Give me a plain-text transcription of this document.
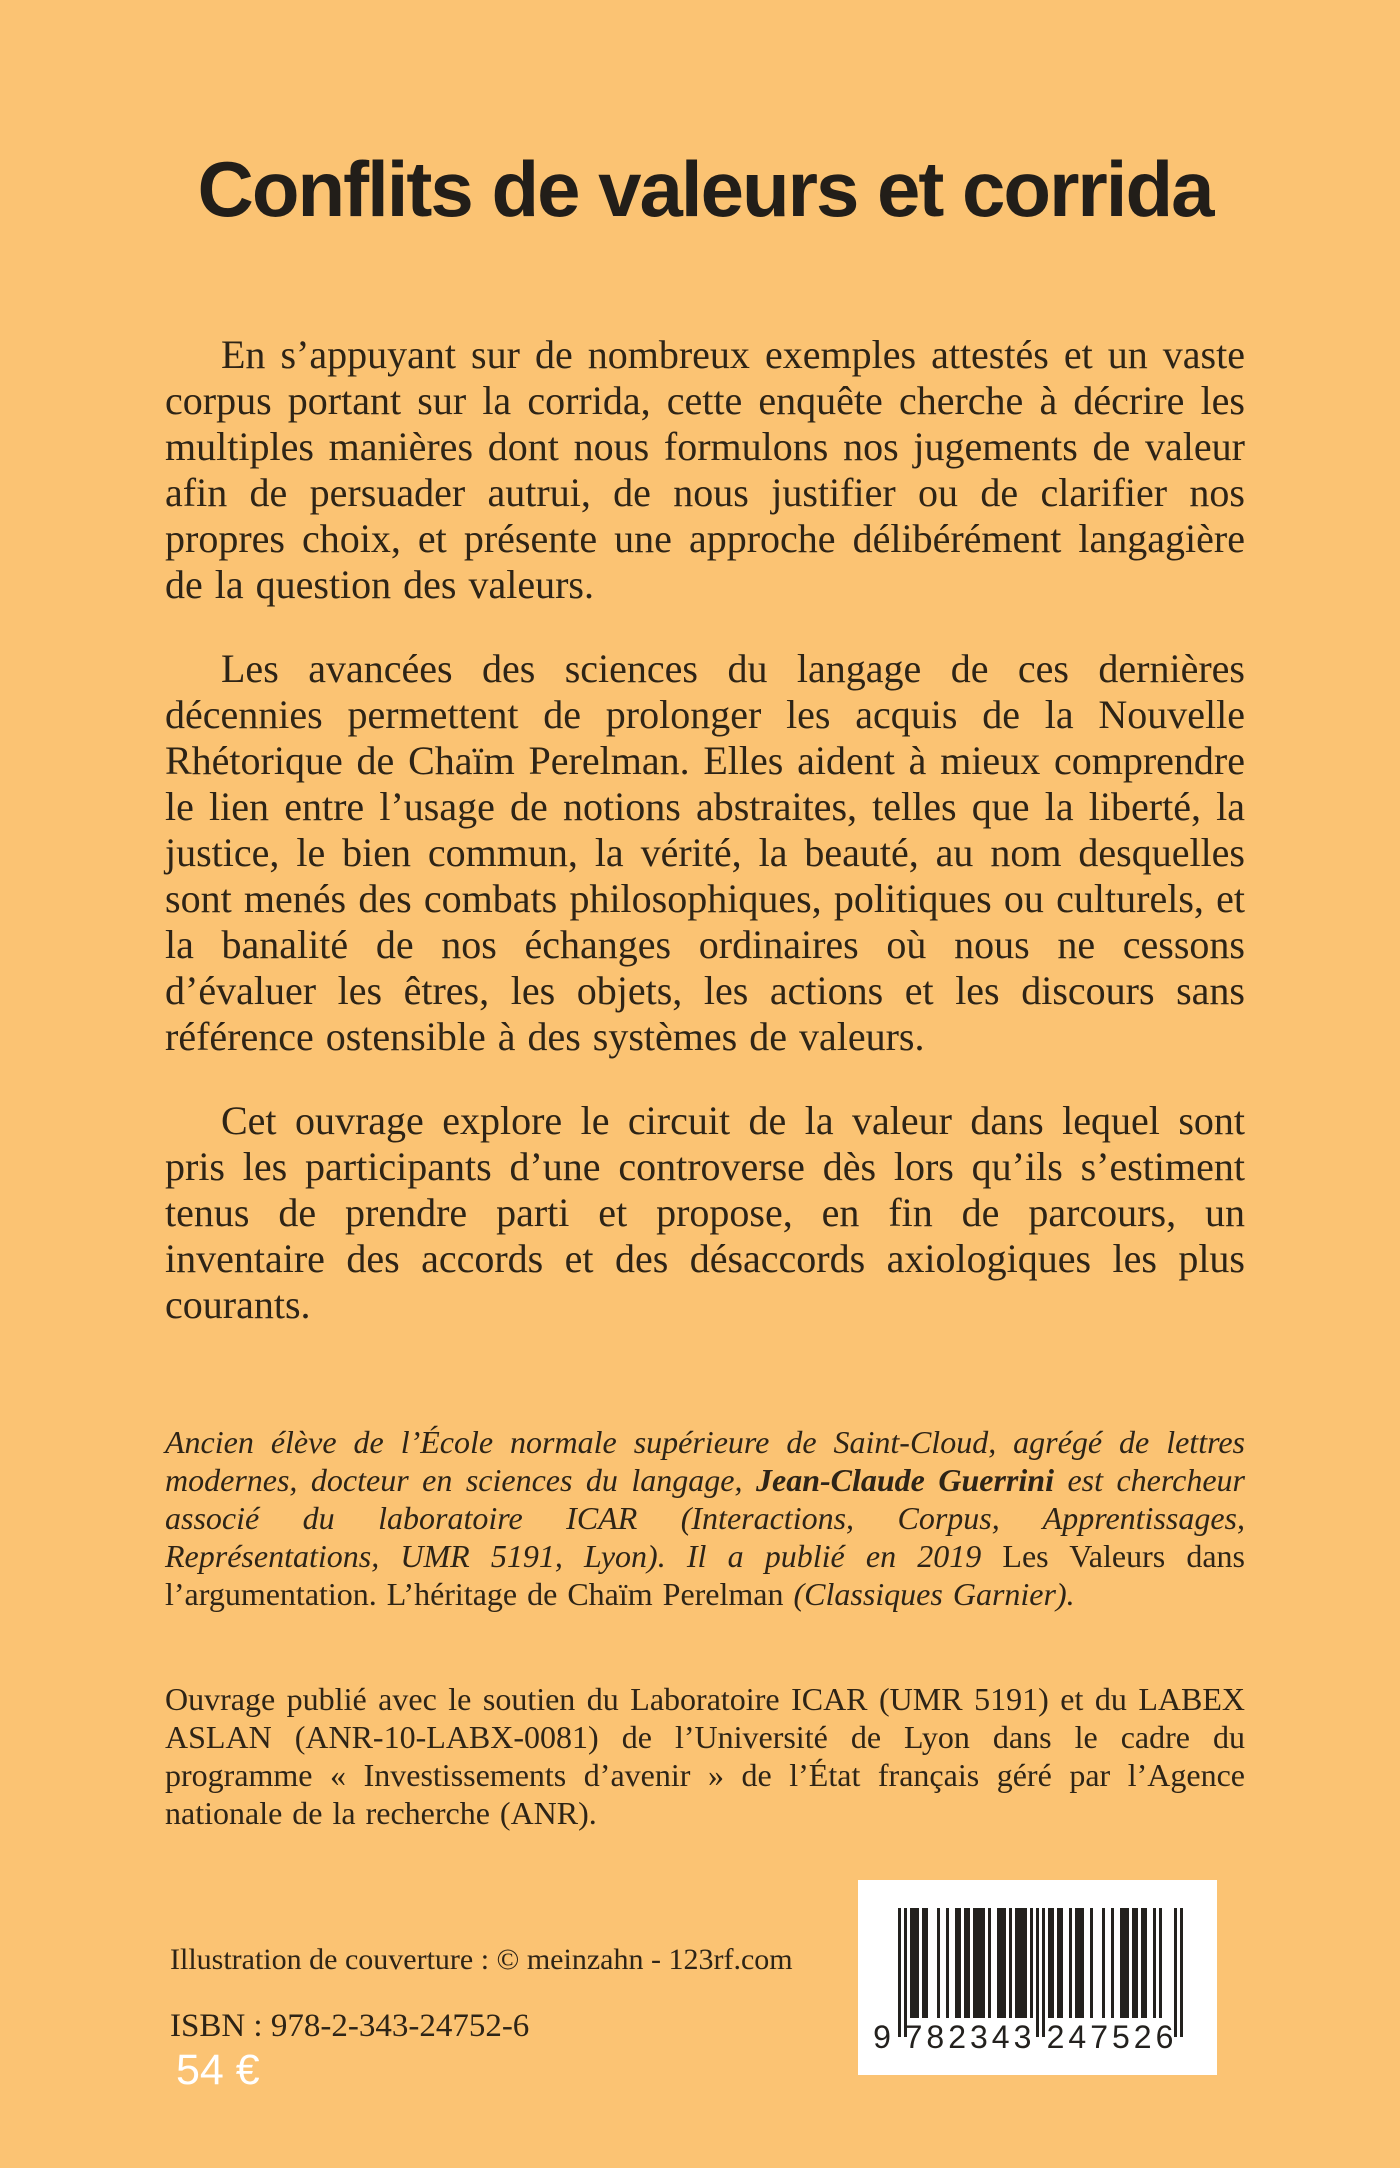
Conflits de valeurs et corrida

En s’appuyant sur de nombreux exemples attestés et un vaste corpus portant sur la corrida, cette enquête cherche à décrire les multiples manières dont nous formulons nos jugements de valeur afin de persuader autrui, de nous justifier ou de clarifier nos propres choix, et présente une approche délibérément langagière de la question des valeurs.

Les avancées des sciences du langage de ces dernières décennies permettent de prolonger les acquis de la Nouvelle Rhétorique de Chaïm Perelman. Elles aident à mieux comprendre le lien entre l’usage de notions abstraites, telles que la liberté, la justice, le bien commun, la vérité, la beauté, au nom desquelles sont menés des combats philosophiques, politiques ou culturels, et la banalité de nos échanges ordinaires où nous ne cessons d’évaluer les êtres, les objets, les actions et les discours sans référence ostensible à des systèmes de valeurs.

Cet ouvrage explore le circuit de la valeur dans lequel sont pris les participants d’une controverse dès lors qu’ils s’estiment tenus de prendre parti et propose, en fin de parcours, un inventaire des accords et des désaccords axiologiques les plus courants.

Ancien élève de l’École normale supérieure de Saint-Cloud, agrégé de lettres modernes, docteur en sciences du langage, Jean-Claude Guerrini est chercheur associé du laboratoire ICAR (Interactions, Corpus, Apprentissages, Représentations, UMR 5191, Lyon). Il a publié en 2019 Les Valeurs dans l’argumentation. L’héritage de Chaïm Perelman (Classiques Garnier).

Ouvrage publié avec le soutien du Laboratoire ICAR (UMR 5191) et du LABEX ASLAN (ANR-10-LABX-0081) de l’Université de Lyon dans le cadre du programme « Investissements d’avenir » de l’État français géré par l’Agence nationale de la recherche (ANR).

Illustration de couverture : © meinzahn - 123rf.com
ISBN : 978-2-343-24752-6
54 €
9 782343 247526
